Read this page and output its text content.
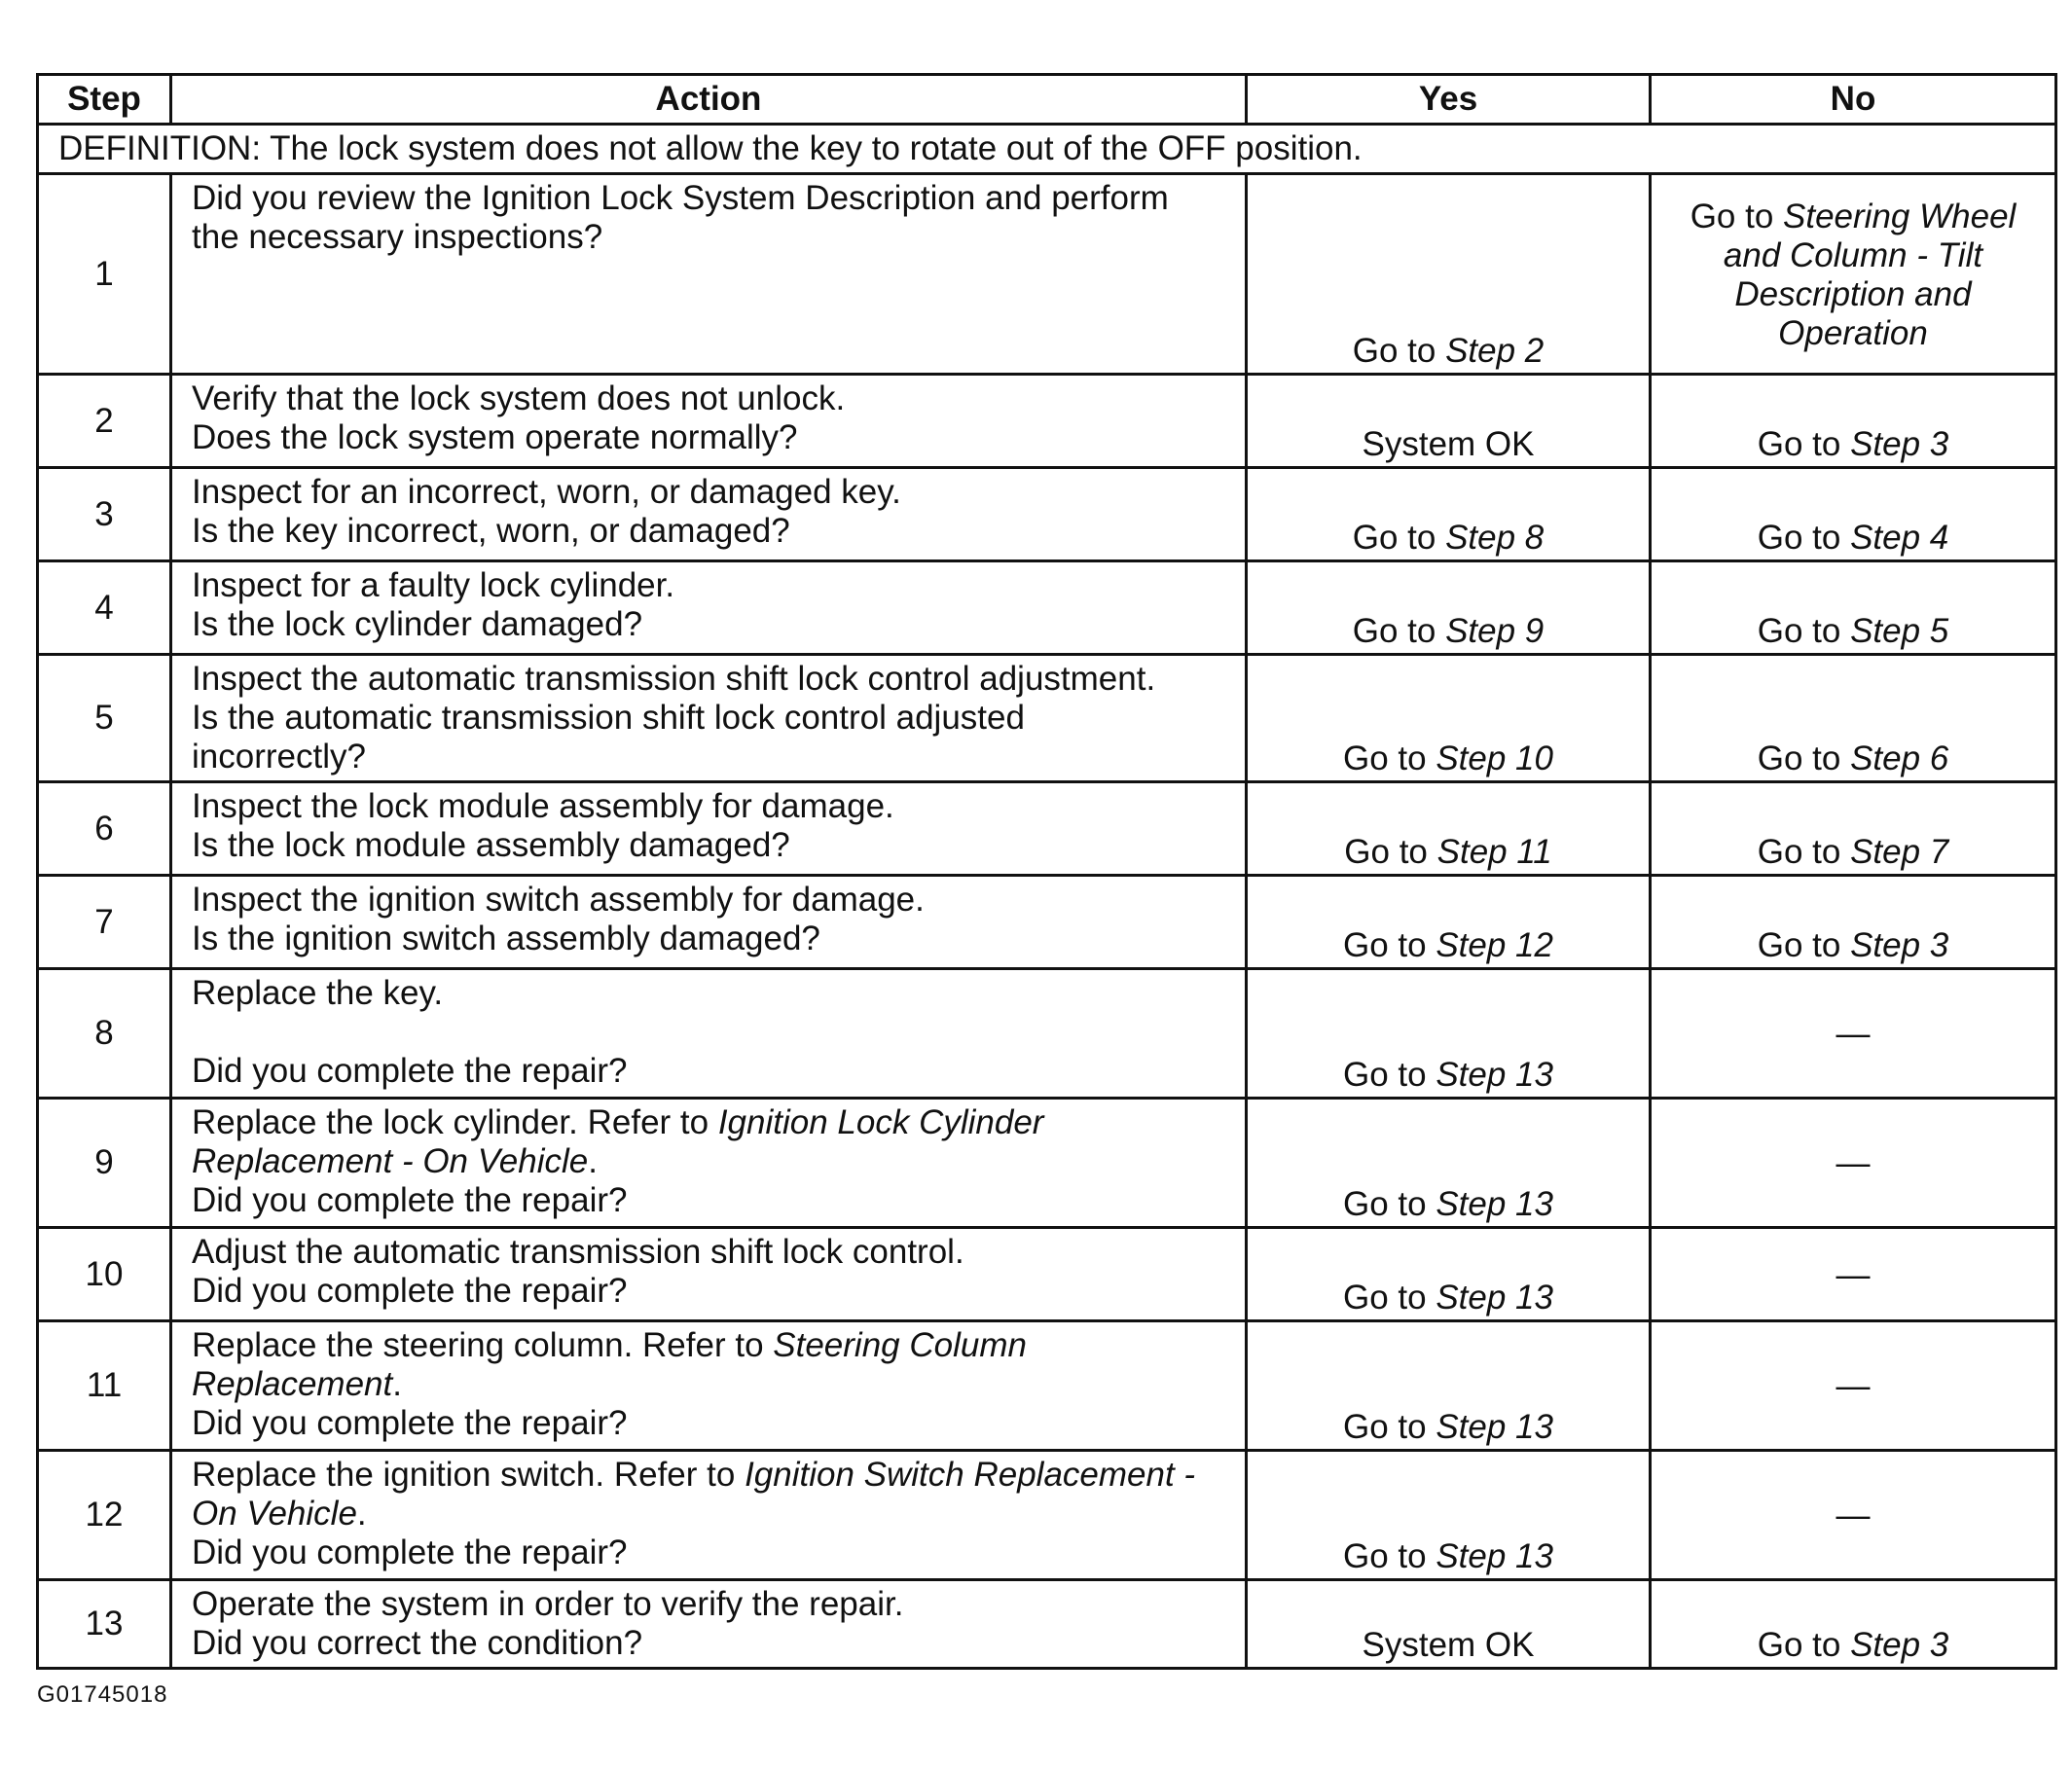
Step	Action	Yes	No
DEFINITION: The lock system does not allow the key to rotate out of the OFF position.			
1	Did you review the Ignition Lock System Description and perform
the necessary inspections?	Go to Step 2	Go to Steering Wheel
and Column - Tilt
Description and
Operation

2	Verify that the lock system does not unlock.
Does the lock system operate normally?	System OK	Go to Step 3
3	Inspect for an incorrect, worn, or damaged key.
Is the key incorrect, worn, or damaged?	Go to Step 8	Go to Step 4
4	Inspect for a faulty lock cylinder.
Is the lock cylinder damaged?	Go to Step 9	Go to Step 5
5	Inspect the automatic transmission shift lock control adjustment.
Is the automatic transmission shift lock control adjusted
incorrectly?	Go to Step 10	Go to Step 6
6	Inspect the lock module assembly for damage.
Is the lock module assembly damaged?	Go to Step 11	Go to Step 7
7	Inspect the ignition switch assembly for damage.
Is the ignition switch assembly damaged?	Go to Step 12	Go to Step 3
8	Replace the key.
Did you complete the repair?	Go to Step 13	—
9	Replace the lock cylinder. Refer to Ignition Lock Cylinder
Replacement - On Vehicle.
Did you complete the repair?	Go to Step 13	—
10	Adjust the automatic transmission shift lock control.
Did you complete the repair?	Go to Step 13	—
11	Replace the steering column. Refer to Steering Column
Replacement.
Did you complete the repair?	Go to Step 13	—
12	Replace the ignition switch. Refer to Ignition Switch Replacement -
On Vehicle.
Did you complete the repair?	Go to Step 13	—
13	Operate the system in order to verify the repair.
Did you correct the condition?	System OK	Go to Step 3
G01745018
